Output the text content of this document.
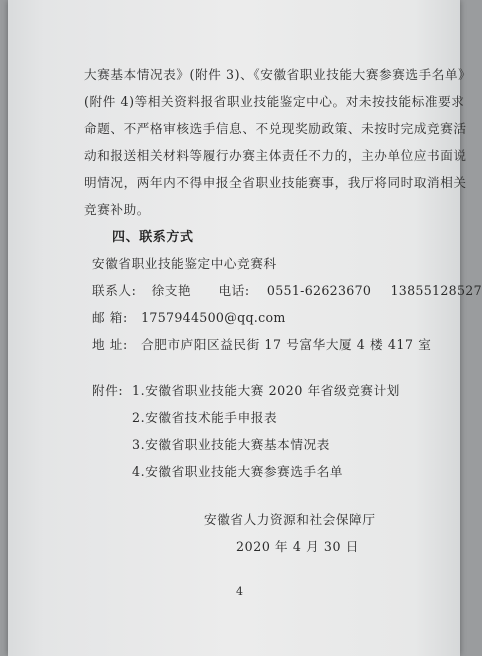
大赛基本情况表》(附件 3)、《安徽省职业技能大赛参赛选手名单》
(附件 4)等相关资料报省职业技能鉴定中心。对未按技能标准要求
命题、不严格审核选手信息、不兑现奖励政策、未按时完成竞赛活
动和报送相关材料等履行办赛主体责任不力的，主办单位应书面说
明情况，两年内不得申报全省职业技能赛事，我厅将同时取消相关
竞赛补助。
四、联系方式
安徽省职业技能鉴定中心竞赛科
联系人: 徐支艳 电话: 0551-62623670 13855128527
邮 箱: 1757944500@qq.com
地 址: 合肥市庐阳区益民街 17 号富华大厦 4 楼 417 室
附件: 1.安徽省职业技能大赛 2020 年省级竞赛计划
2.安徽省技术能手申报表
3.安徽省职业技能大赛基本情况表
4.安徽省职业技能大赛参赛选手名单
安徽省人力资源和社会保障厅
2020 年 4 月 30 日
4
